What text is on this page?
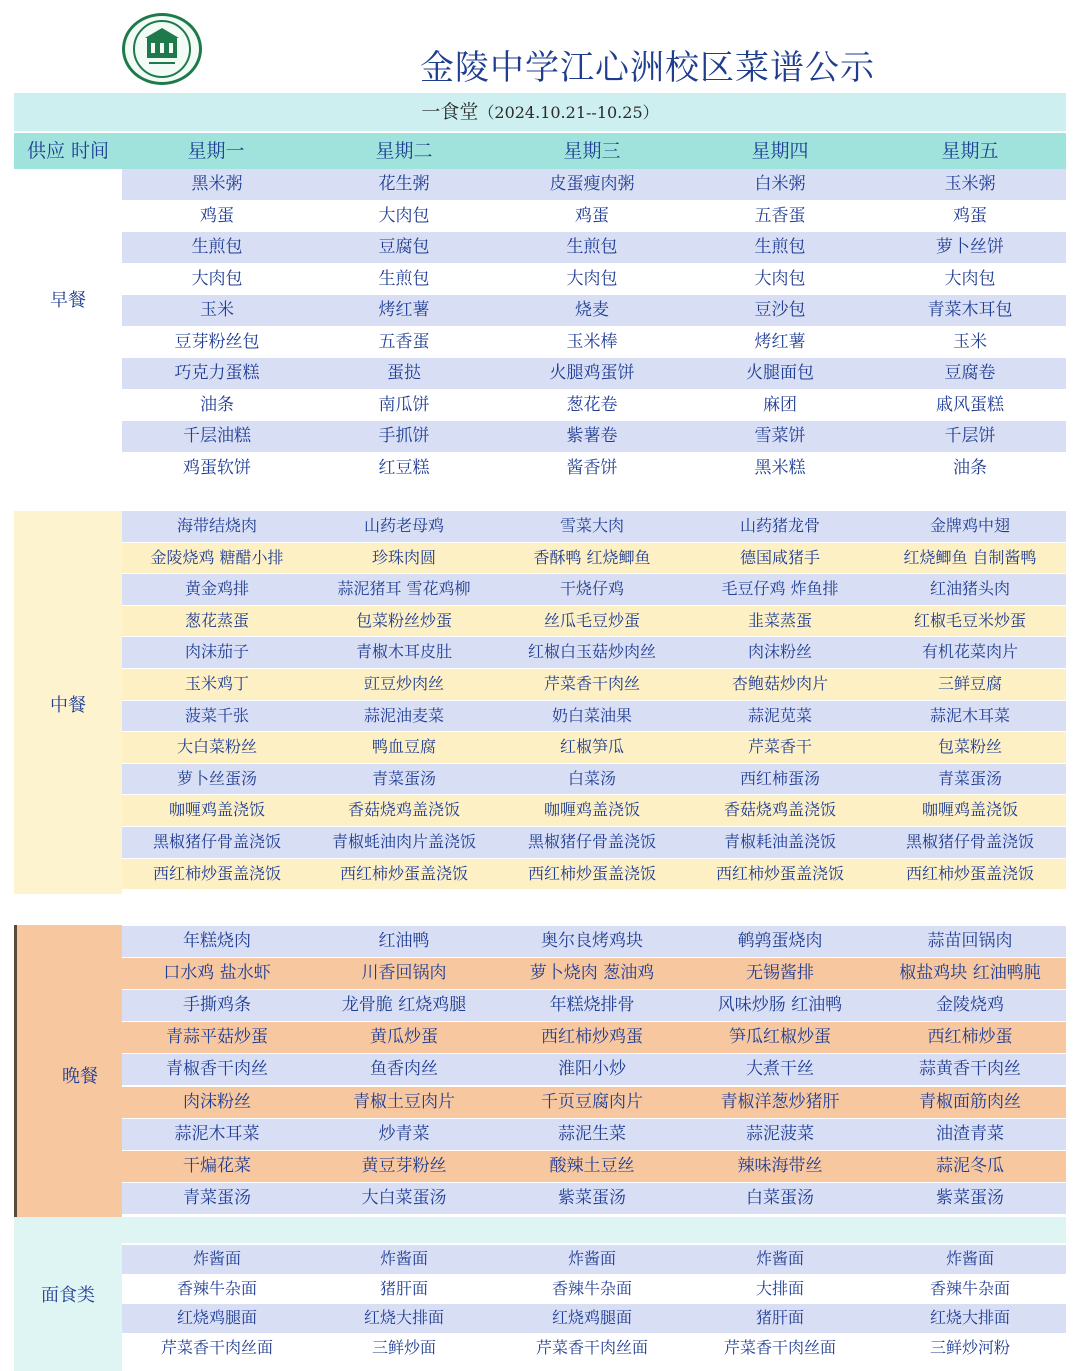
金陵中学江心洲校区菜谱公示
一食堂（2024.10.21--10.25）
供应 时间	星期一	星期二	星期三	星期四	星期五
早餐
中餐
晚餐
面食类
黑米粥	花生粥	皮蛋瘦肉粥	白米粥	玉米粥
鸡蛋	大肉包	鸡蛋	五香蛋	鸡蛋
生煎包	豆腐包	生煎包	生煎包	萝卜丝饼
大肉包	生煎包	大肉包	大肉包	大肉包
玉米	烤红薯	烧麦	豆沙包	青菜木耳包
豆芽粉丝包	五香蛋	玉米棒	烤红薯	玉米
巧克力蛋糕	蛋挞	火腿鸡蛋饼	火腿面包	豆腐卷
油条	南瓜饼	葱花卷	麻团	戚风蛋糕
千层油糕	手抓饼	紫薯卷	雪菜饼	千层饼
鸡蛋软饼	红豆糕	酱香饼	黑米糕	油条
海带结烧肉	山药老母鸡	雪菜大肉	山药猪龙骨	金牌鸡中翅
金陵烧鸡 糖醋小排	珍珠肉圆	香酥鸭 红烧鲫鱼	德国咸猪手	红烧鲫鱼 自制酱鸭
黄金鸡排	蒜泥猪耳 雪花鸡柳	干烧仔鸡	毛豆仔鸡 炸鱼排	红油猪头肉
葱花蒸蛋	包菜粉丝炒蛋	丝瓜毛豆炒蛋	韭菜蒸蛋	红椒毛豆米炒蛋
肉沫茄子	青椒木耳皮肚	红椒白玉菇炒肉丝	肉沫粉丝	有机花菜肉片
玉米鸡丁	豇豆炒肉丝	芹菜香干肉丝	杏鲍菇炒肉片	三鲜豆腐
菠菜千张	蒜泥油麦菜	奶白菜油果	蒜泥苋菜	蒜泥木耳菜
大白菜粉丝	鸭血豆腐	红椒笋瓜	芹菜香干	包菜粉丝
萝卜丝蛋汤	青菜蛋汤	白菜汤	西红柿蛋汤	青菜蛋汤
咖喱鸡盖浇饭	香菇烧鸡盖浇饭	咖喱鸡盖浇饭	香菇烧鸡盖浇饭	咖喱鸡盖浇饭
黑椒猪仔骨盖浇饭	青椒蚝油肉片盖浇饭	黑椒猪仔骨盖浇饭	青椒耗油盖浇饭	黑椒猪仔骨盖浇饭
西红柿炒蛋盖浇饭	西红柿炒蛋盖浇饭	西红柿炒蛋盖浇饭	西红柿炒蛋盖浇饭	西红柿炒蛋盖浇饭
年糕烧肉	红油鸭	奥尔良烤鸡块	鹌鹑蛋烧肉	蒜苗回锅肉
口水鸡 盐水虾	川香回锅肉	萝卜烧肉 葱油鸡	无锡酱排	椒盐鸡块 红油鸭肫
手撕鸡条	龙骨脆 红烧鸡腿	年糕烧排骨	风味炒肠 红油鸭	金陵烧鸡
青蒜平菇炒蛋	黄瓜炒蛋	西红柿炒鸡蛋	笋瓜红椒炒蛋	西红柿炒蛋
青椒香干肉丝	鱼香肉丝	淮阳小炒	大煮干丝	蒜黄香干肉丝
肉沫粉丝	青椒土豆肉片	千页豆腐肉片	青椒洋葱炒猪肝	青椒面筋肉丝
蒜泥木耳菜	炒青菜	蒜泥生菜	蒜泥菠菜	油渣青菜
干煸花菜	黄豆芽粉丝	酸辣土豆丝	辣味海带丝	蒜泥冬瓜
青菜蛋汤	大白菜蛋汤	紫菜蛋汤	白菜蛋汤	紫菜蛋汤
炸酱面	炸酱面	炸酱面	炸酱面	炸酱面
香辣牛杂面	猪肝面	香辣牛杂面	大排面	香辣牛杂面
红烧鸡腿面	红烧大排面	红烧鸡腿面	猪肝面	红烧大排面
芹菜香干肉丝面	三鲜炒面	芹菜香干肉丝面	芹菜香干肉丝面	三鲜炒河粉
